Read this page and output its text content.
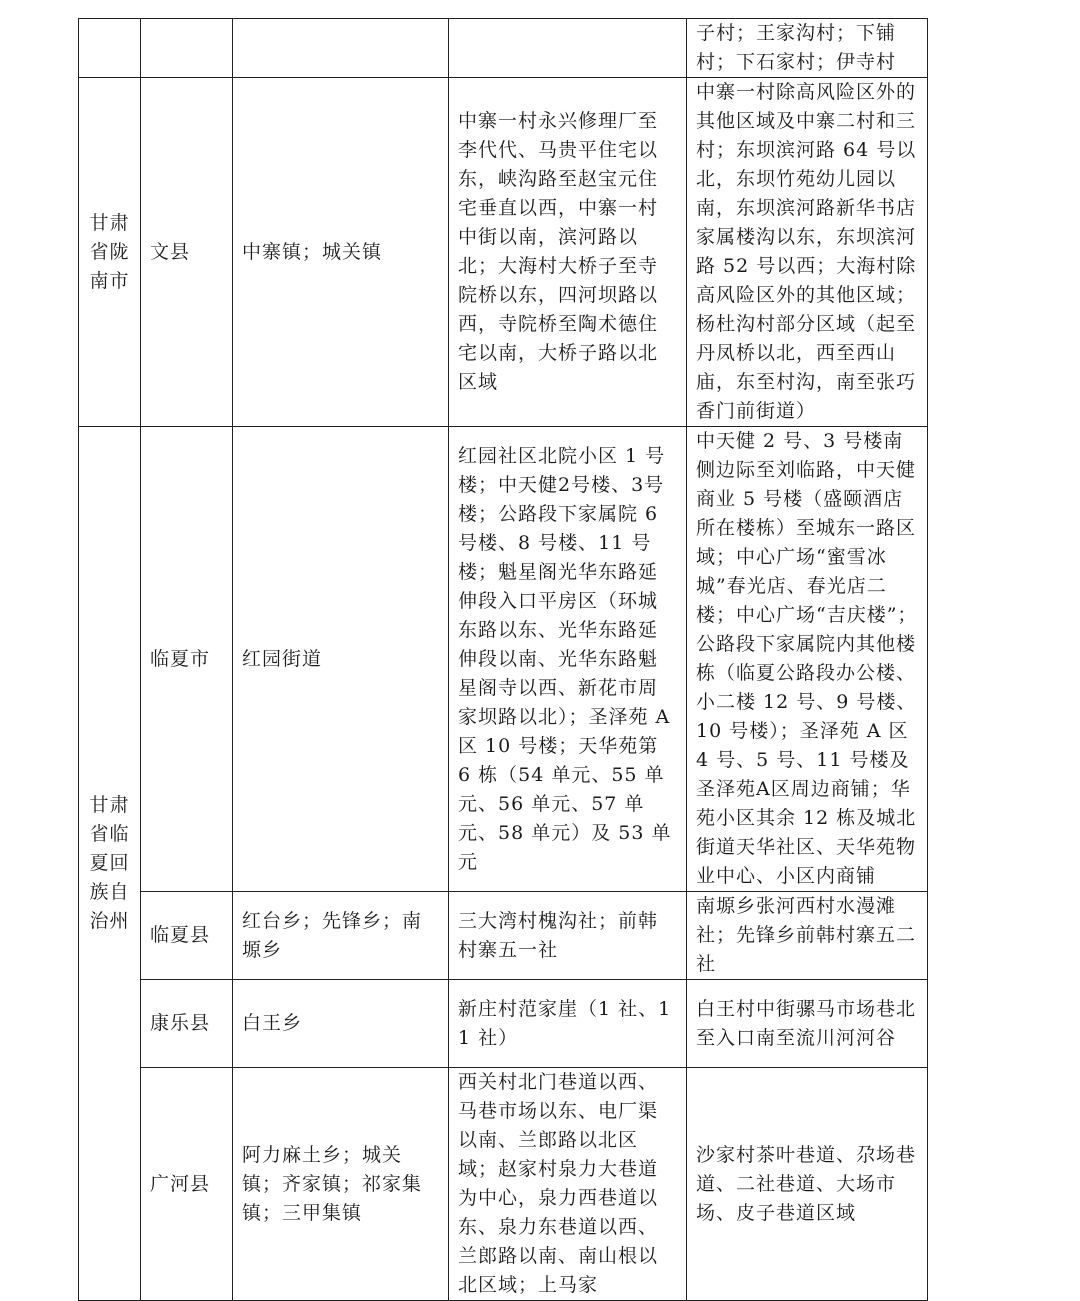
				子村；王家沟村；下铺村；下石家村；伊寺村
甘肃省陇南市	文县	中寨镇；城关镇	中寨一村永兴修理厂至李代代、马贵平住宅以东，峡沟路至赵宝元住宅垂直以西，中寨一村中街以南，滨河路以北；大海村大桥子至寺院桥以东，四河坝路以西，寺院桥至陶术德住宅以南，大桥子路以北区域	中寨一村除高风险区外的其他区域及中寨二村和三村；东坝滨河路 64 号以北，东坝竹苑幼儿园以南，东坝滨河路新华书店家属楼沟以东，东坝滨河路 52 号以西；大海村除高风险区外的其他区域；杨杜沟村部分区域（起至丹凤桥以北，西至西山庙，东至村沟，南至张巧香门前街道）
甘肃省临夏回族自治州	临夏市	红园街道	红园社区北院小区 1 号楼；中天健2号楼、3号楼；公路段下家属院 6 号楼、8 号楼、11 号楼；魁星阁光华东路延伸段入口平房区（环城东路以东、光华东路延伸段以南、光华东路魁星阁寺以西、新花市周家坝路以北）；圣泽苑 A 区 10 号楼；天华苑第 6 栋（54 单元、55 单元、56 单元、57 单元、58 单元）及 53 单元	中天健 2 号、3 号楼南侧边际至刘临路，中天健商业 5 号楼（盛颐酒店所在楼栋）至城东一路区域；中心广场“蜜雪冰城”春光店、春光店二楼；中心广场“吉庆楼”；公路段下家属院内其他楼栋（临夏公路段办公楼、小二楼 12 号、9 号楼、10 号楼）；圣泽苑 A 区 4 号、5 号、11 号楼及圣泽苑A区周边商铺；华苑小区其余 12 栋及城北街道天华社区、天华苑物业中心、小区内商铺
	临夏县	红台乡；先锋乡；南塬乡	三大湾村槐沟社；前韩村寨五一社	南塬乡张河西村水漫滩社；先锋乡前韩村寨五二社
	康乐县	白王乡	新庄村范家崖（1 社、11 社）	白王村中街骡马市场巷北至入口南至流川河河谷
	广河县	阿力麻土乡；城关镇；齐家镇；祁家集镇；三甲集镇	西关村北门巷道以西、马巷市场以东、电厂渠以南、兰郎路以北区域；赵家村泉力大巷道为中心，泉力西巷道以东、泉力东巷道以西、兰郎路以南、南山根以北区域；上马家	沙家村茶叶巷道、尕场巷道、二社巷道、大场市场、皮子巷道区域
